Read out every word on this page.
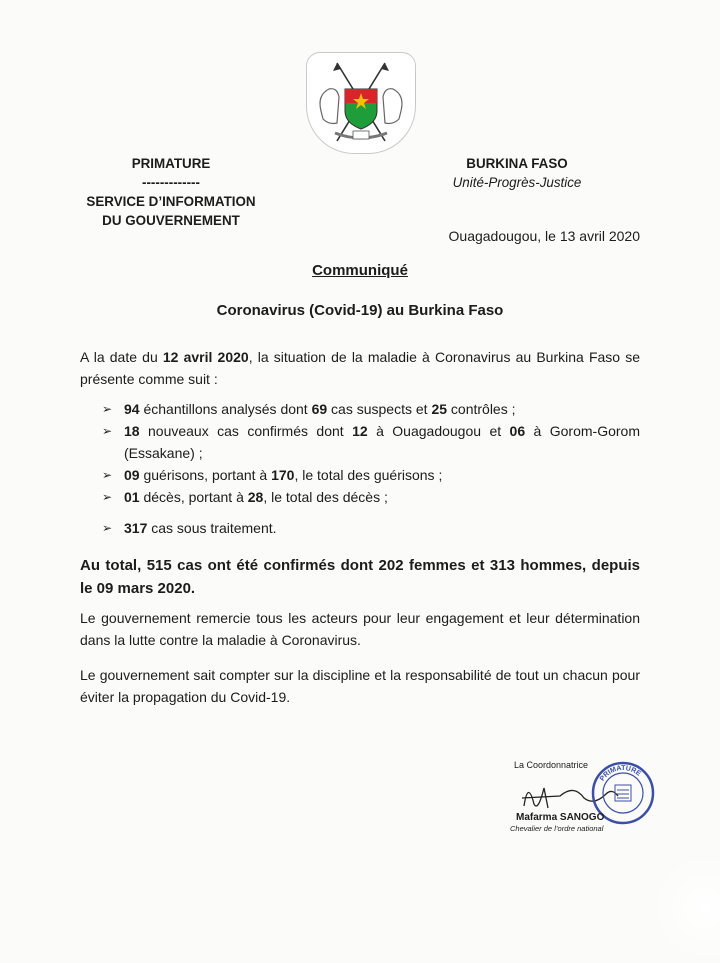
PRIMATURE
-------------
SERVICE D’INFORMATION
DU GOUVERNEMENT
BURKINA FASO
Unité-Progrès-Justice
Ouagadougou, le 13 avril 2020
Communiqué
Coronavirus (Covid-19) au Burkina Faso
A la date du 12 avril 2020, la situation de la maladie à Coronavirus au Burkina Faso se présente comme suit :
➢ 94 échantillons analysés dont 69 cas suspects et 25 contrôles ;
➢ 18 nouveaux cas confirmés dont 12 à Ouagadougou et 06 à Gorom-Gorom (Essakane) ;
➢ 09 guérisons, portant à 170, le total des guérisons ;
➢ 01 décès, portant à 28, le total des décès ;
➢ 317 cas sous traitement.
Au total, 515 cas ont été confirmés dont 202 femmes et 313 hommes, depuis le 09 mars 2020.
Le gouvernement remercie tous les acteurs pour leur engagement et leur détermination dans la lutte contre la maladie à Coronavirus.
Le gouvernement sait compter sur la discipline et la responsabilité de tout un chacun pour éviter la propagation du Covid-19.
La Coordonnatrice
PRIMATURE
Mafarma SANOGO
Chevalier de l’ordre national
